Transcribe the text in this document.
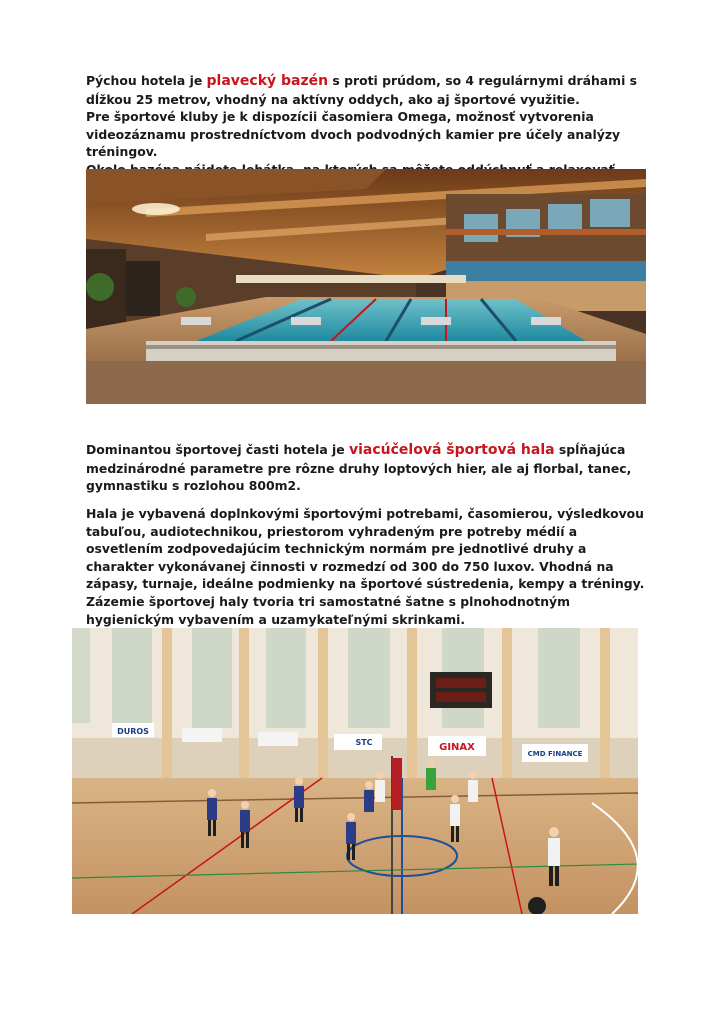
Pýchou hotela je plavecký bazén s proti prúdom, so 4 regulárnymi dráhami s dĺžkou 25 metrov, vhodný na aktívny oddych, ako aj športové využitie.
Pre športové kluby je k dispozícii časomiera Omega, možnosť vytvorenia videozáznamu prostredníctvom dvoch podvodných kamier pre účely analýzy tréningov.

Dominantou športovej časti hotela je viacúčelová športová hala spĺňajúca medzinárodné parametre pre rôzne druhy loptových hier, ale aj florbal, tanec, gymnastiku s rozlohou 800m2.

Hala je vybavená doplnkovými športovými potrebami, časomierou, výsledkovou tabuľou, audiotechnikou, priestorom vyhradeným pre potreby médií a osvetlením zodpovedajúcim technickým normám pre jednotlivé druhy a charakter vykonávanej činnosti v rozmedzí od 300 do 750 luxov. Vhodná na zápasy, turnaje, ideálne podmienky na športové sústredenia, kempy a tréningy. Zázemie športovej haly tvoria tri samostatné šatne s plnohodnotným hygienickým vybavením a uzamykateľnými skrinkami.

DUROS
STC	GINAX
CMD FINANCE
